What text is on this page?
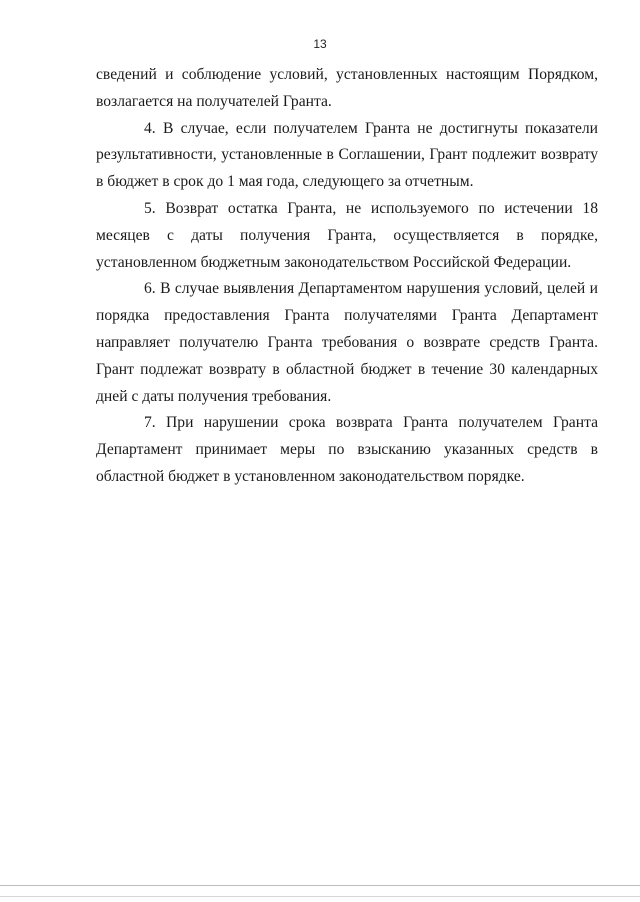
13

сведений и соблюдение условий, установленных настоящим Порядком, возлагается на получателей Гранта.

4. В случае, если получателем Гранта не достигнуты показатели результативности, установленные в Соглашении, Грант подлежит возврату в бюджет в срок до 1 мая года, следующего за отчетным.

5. Возврат остатка Гранта, не используемого по истечении 18 месяцев с даты получения Гранта, осуществляется в порядке, установленном бюджетным законодательством Российской Федерации.

6. В случае выявления Департаментом нарушения условий, целей и порядка предоставления Гранта получателями Гранта Департамент направляет получателю Гранта требования о возврате средств Гранта. Грант подлежат возврату в областной бюджет в течение 30 календарных дней с даты получения требования.

7. При нарушении срока возврата Гранта получателем Гранта Департамент принимает меры по взысканию указанных средств в областной бюджет в установленном законодательством порядке.
